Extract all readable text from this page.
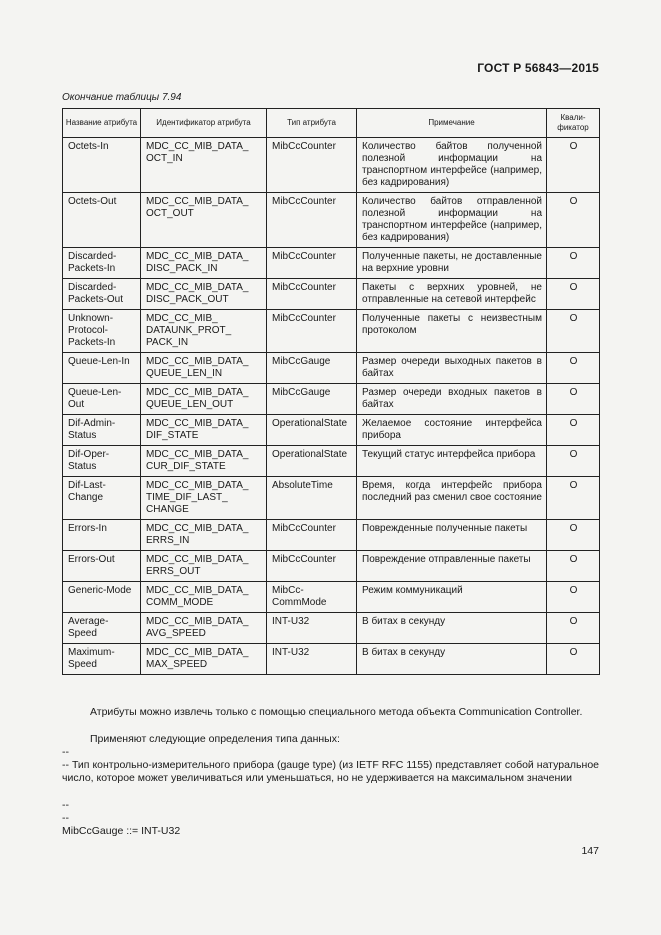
ГОСТ Р 56843—2015
Окончание таблицы 7.94
Название атрибута	Идентификатор атрибута	Тип атрибута	Примечание	Квали-фикатор
Octets-In	MDC_CC_MIB_DATA_ OCT_IN	MibCcCounter	Количество байтов полученной полезной информации на транспортном интерфейсе (например, без кадрирования)	O
Octets-Out	MDC_CC_MIB_DATA_ OCT_OUT	MibCcCounter	Количество байтов отправленной полезной информации на транспортном интерфейсе (например, без кадрирования)	O
Discarded-Packets-In	MDC_CC_MIB_DATA_ DISC_PACK_IN	MibCcCounter	Полученные пакеты, не доставленные на верхние уровни	O
Discarded-Packets-Out	MDC_CC_MIB_DATA_ DISC_PACK_OUT	MibCcCounter	Пакеты с верхних уровней, не отправленные на сетевой интерфейс	O
Unknown-Protocol-Packets-In	MDC_CC_MIB_ DATAUNK_PROT_ PACK_IN	MibCcCounter	Полученные пакеты с неизвестным протоколом	O
Queue-Len-In	MDC_CC_MIB_DATA_ QUEUE_LEN_IN	MibCcGauge	Размер очереди выходных пакетов в байтах	O
Queue-Len-Out	MDC_CC_MIB_DATA_ QUEUE_LEN_OUT	MibCcGauge	Размер очереди входных пакетов в байтах	O
Dif-Admin-Status	MDC_CC_MIB_DATA_ DIF_STATE	OperationalState	Желаемое состояние интерфейса прибора	O
Dif-Oper-Status	MDC_CC_MIB_DATA_ CUR_DIF_STATE	OperationalState	Текущий статус интерфейса прибора	O
Dif-Last-Change	MDC_CC_MIB_DATA_ TIME_DIF_LAST_ CHANGE	AbsoluteTime	Время, когда интерфейс прибора последний раз сменил свое состояние	O
Errors-In	MDC_CC_MIB_DATA_ ERRS_IN	MibCcCounter	Поврежденные полученные пакеты	O
Errors-Out	MDC_CC_MIB_DATA_ ERRS_OUT	MibCcCounter	Повреждение отправленные пакеты	O
Generic-Mode	MDC_CC_MIB_DATA_ COMM_MODE	MibCc-CommMode	Режим коммуникаций	O
Average-Speed	MDC_CC_MIB_DATA_ AVG_SPEED	INT-U32	В битах в секунду	O
Maximum-Speed	MDC_CC_MIB_DATA_ MAX_SPEED	INT-U32	В битах в секунду	O
Атрибуты можно извлечь только с помощью специального метода объекта Communication Controller.
Применяют следующие определения типа данных:
--
-- Тип контрольно-измерительного прибора (gauge type) (из IETF RFC 1155) представляет собой натуральное число, которое может увеличиваться или уменьшаться, но не удерживается на максимальном значении
--
--
MibCcGauge ::= INT-U32
147
